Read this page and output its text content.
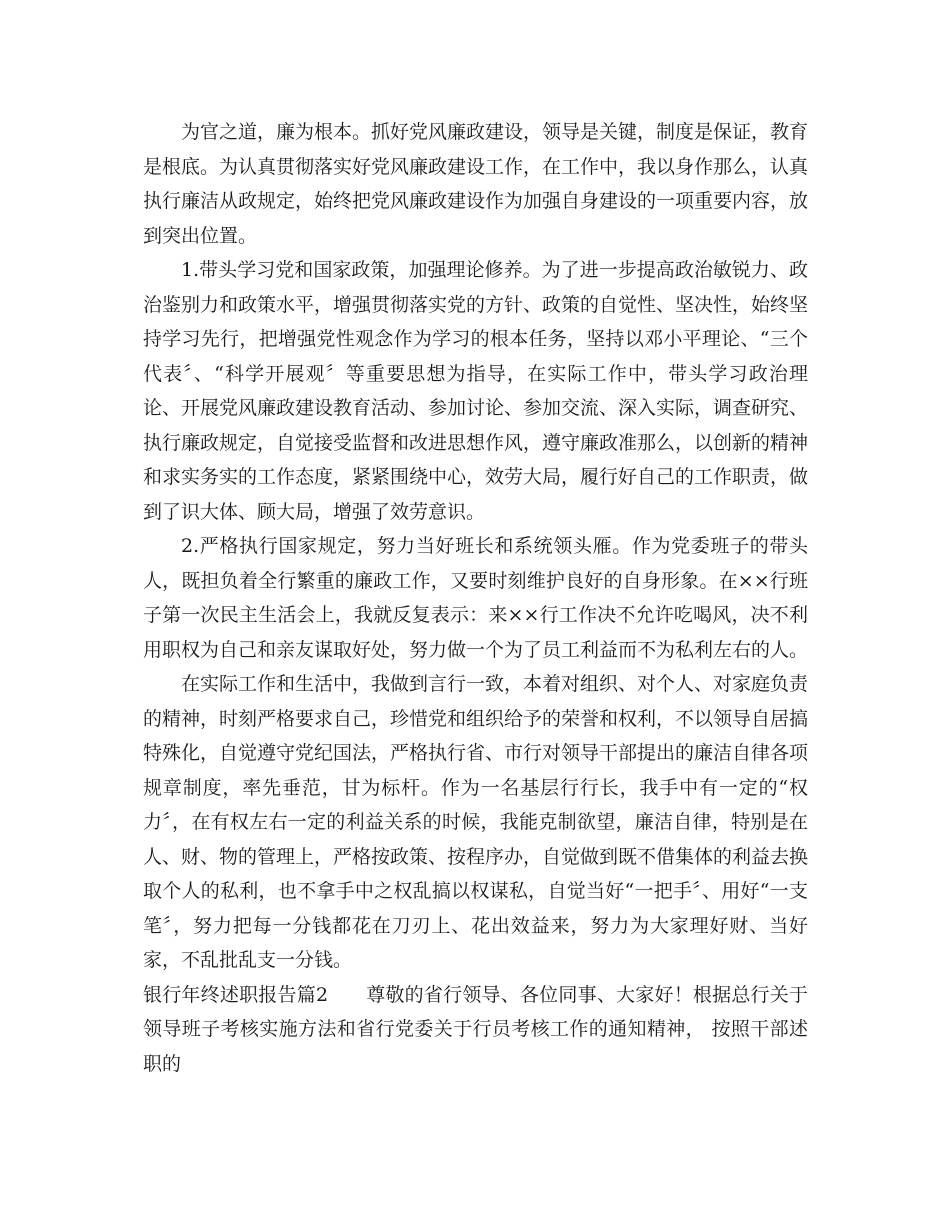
为官之道，廉为根本。抓好党风廉政建设，领导是关键，制度是保证，教育是根底。为认真贯彻落实好党风廉政建设工作，在工作中，我以身作那么，认真执行廉洁从政规定，始终把党风廉政建设作为加强自身建设的一项重要内容，放到突出位置。

1.带头学习党和国家政策，加强理论修养。为了进一步提高政治敏锐力、政治鉴别力和政策水平，增强贯彻落实党的方针、政策的自觉性、坚决性，始终坚持学习先行，把增强党性观念作为学习的根本任务，坚持以邓小平理论、“三个代表〞、“科学开展观〞等重要思想为指导，在实际工作中，带头学习政治理论、开展党风廉政建设教育活动、参加讨论、参加交流、深入实际，调查研究、执行廉政规定，自觉接受监督和改进思想作风，遵守廉政准那么，以创新的精神和求实务实的工作态度，紧紧围绕中心，效劳大局，履行好自己的工作职责，做到了识大体、顾大局，增强了效劳意识。

2.严格执行国家规定，努力当好班长和系统领头雁。作为党委班子的带头人，既担负着全行繁重的廉政工作，又要时刻维护良好的自身形象。在××行班子第一次民主生活会上，我就反复表示：来××行工作决不允许吃喝风，决不利用职权为自己和亲友谋取好处，努力做一个为了员工利益而不为私利左右的人。

在实际工作和生活中，我做到言行一致，本着对组织、对个人、对家庭负责的精神，时刻严格要求自己，珍惜党和组织给予的荣誉和权利，不以领导自居搞特殊化，自觉遵守党纪国法，严格执行省、市行对领导干部提出的廉洁自律各项规章制度，率先垂范，甘为标杆。作为一名基层行行长，我手中有一定的“权力〞，在有权左右一定的利益关系的时候，我能克制欲望，廉洁自律，特别是在人、财、物的管理上，严格按政策、按程序办，自觉做到既不借集体的利益去换取个人的私利，也不拿手中之权乱搞以权谋私，自觉当好“一把手〞、用好“一支笔〞，努力把每一分钱都花在刀刃上、花出效益来，努力为大家理好财、当好家，不乱批乱支一分钱。

银行年终述职报告篇2 尊敬的省行领导、各位同事、大家好！根据总行关于领导班子考核实施方法和省行党委关于行员考核工作的通知精神， 按照干部述 职的
